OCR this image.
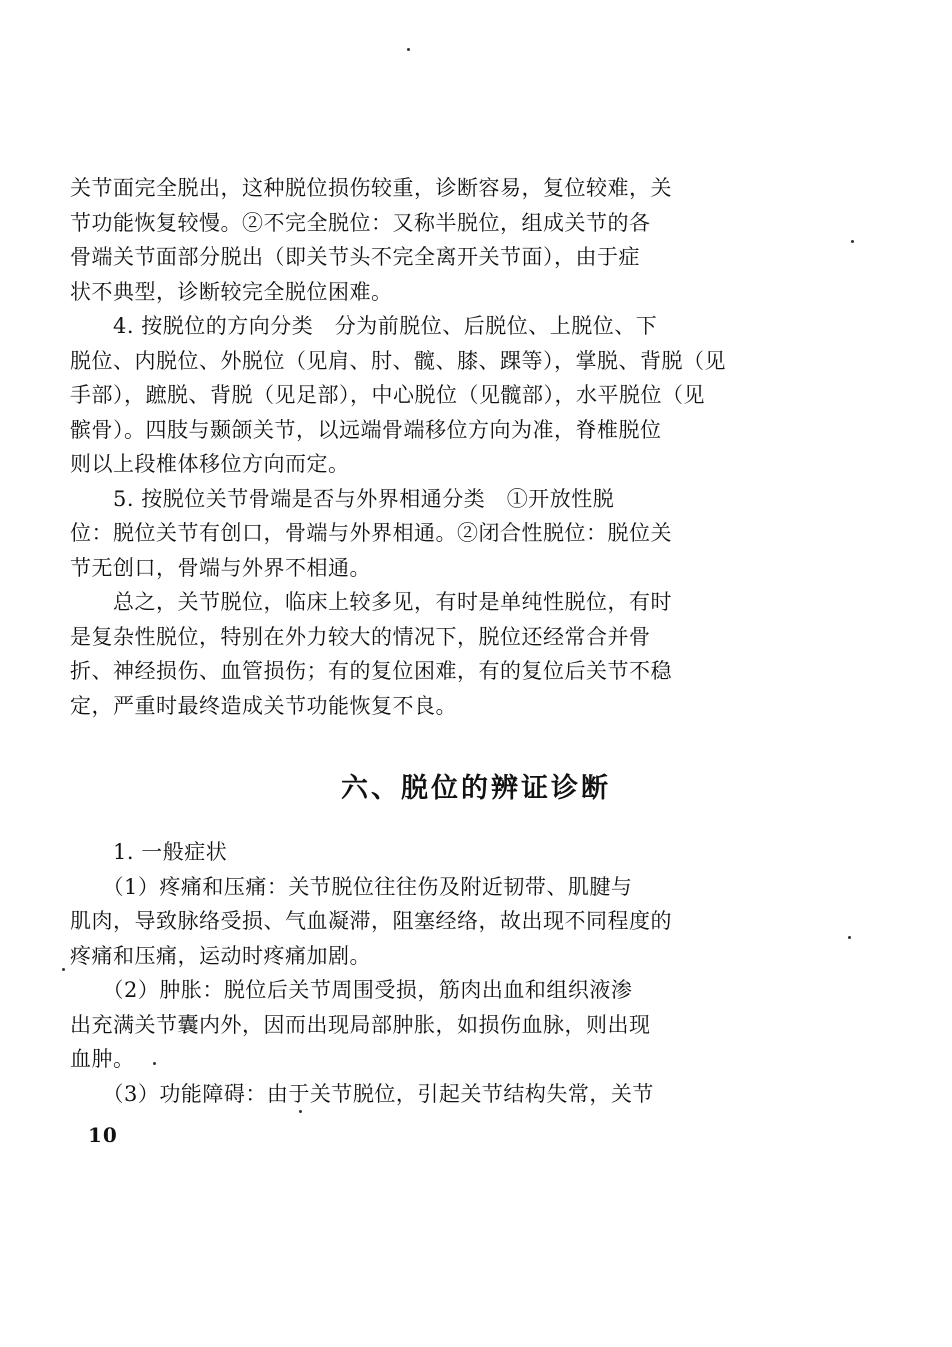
关节面完全脱出，这种脱位损伤较重，诊断容易，复位较难，关
节功能恢复较慢。②不完全脱位：又称半脱位，组成关节的各
骨端关节面部分脱出（即关节头不完全离开关节面），由于症
状不典型，诊断较完全脱位困难。
　　4. 按脱位的方向分类　分为前脱位、后脱位、上脱位、下
脱位、内脱位、外脱位（见肩、肘、髋、膝、踝等），掌脱、背脱（见
手部），蹠脱、背脱（见足部），中心脱位（见髋部），水平脱位（见
髌骨）。四肢与颞颌关节，以远端骨端移位方向为准，脊椎脱位
则以上段椎体移位方向而定。
　　5. 按脱位关节骨端是否与外界相通分类　①开放性脱
位：脱位关节有创口，骨端与外界相通。②闭合性脱位：脱位关
节无创口，骨端与外界不相通。
　　总之，关节脱位，临床上较多见，有时是单纯性脱位，有时
是复杂性脱位，特别在外力较大的情况下，脱位还经常合并骨
折、神经损伤、血管损伤；有的复位困难，有的复位后关节不稳
定，严重时最终造成关节功能恢复不良。
六、脱位的辨证诊断
　　1. 一般症状
　　（1）疼痛和压痛：关节脱位往往伤及附近韧带、肌腱与
肌肉，导致脉络受损、气血凝滞，阻塞经络，故出现不同程度的
疼痛和压痛，运动时疼痛加剧。
　　（2）肿胀：脱位后关节周围受损，筋肉出血和组织液渗
出充满关节囊内外，因而出现局部肿胀，如损伤血脉，则出现
血肿。
　　（3）功能障碍：由于关节脱位，引起关节结构失常，关节
10
